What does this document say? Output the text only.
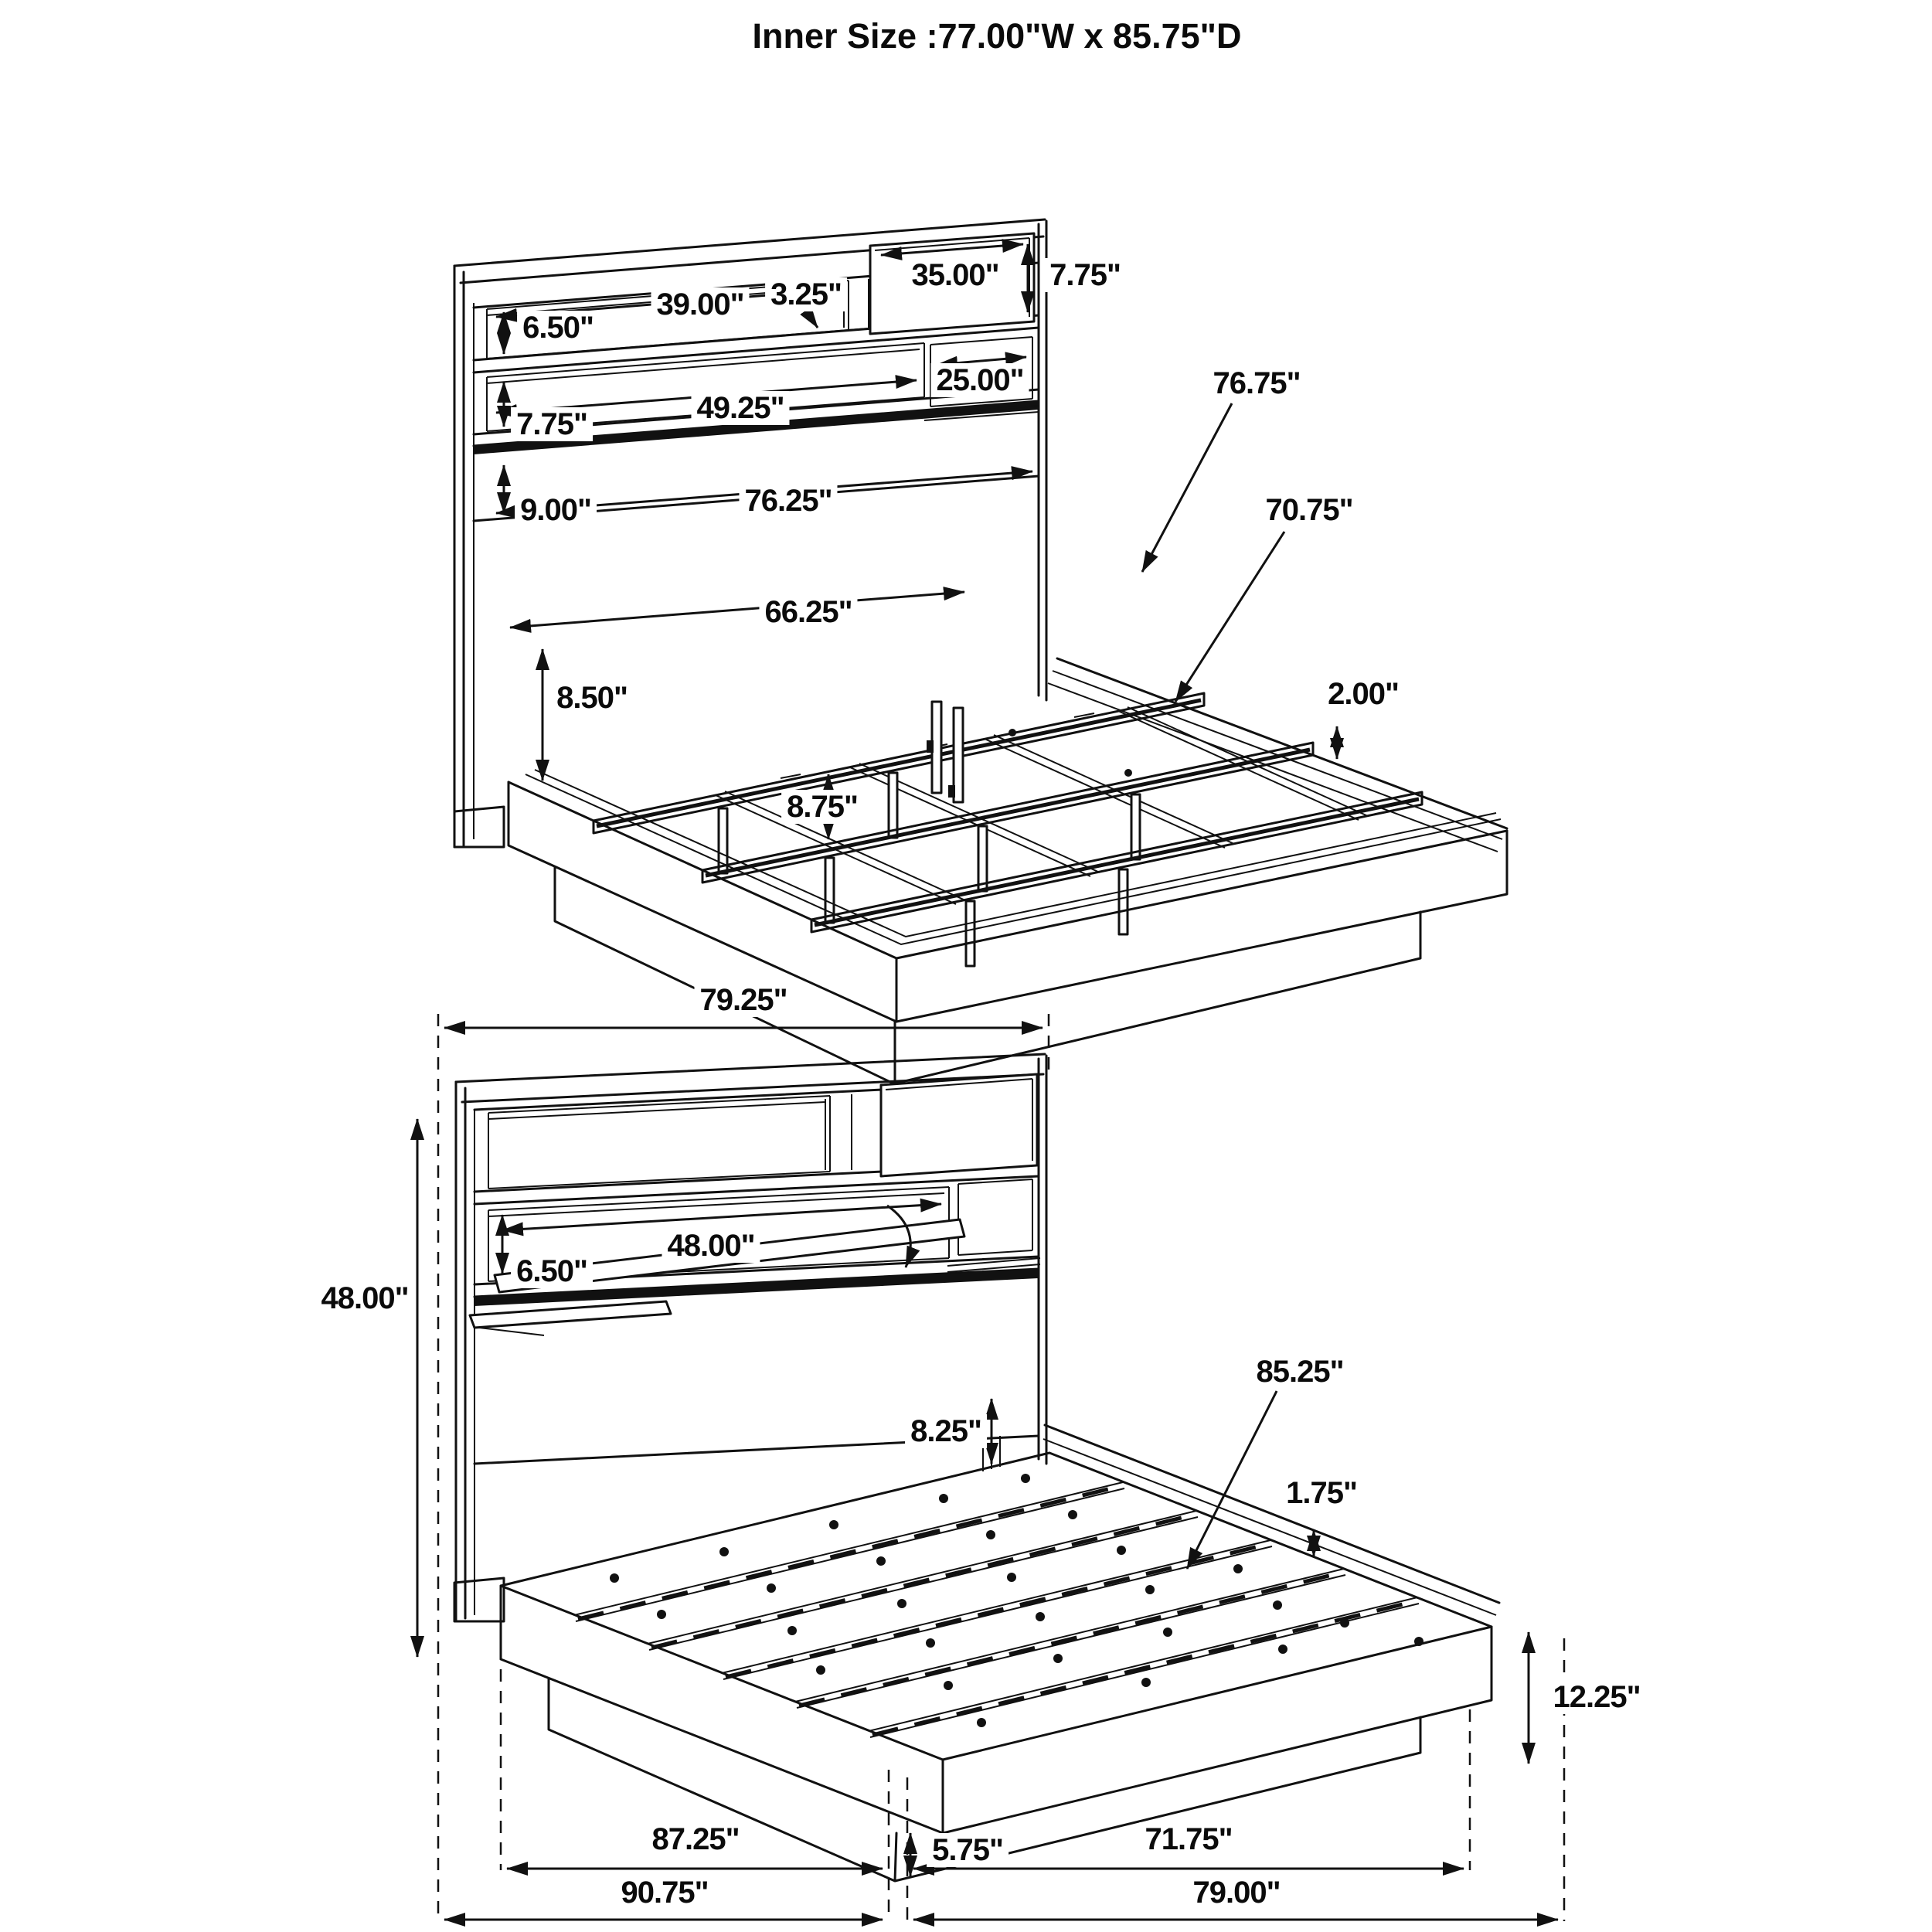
Inner Size :77.00"W x 85.75"D
6.50"
39.00" 3.25"
35.00" 7.75"
25.00"
7.75"	49.25"
9.00"	76.25"
66.25"
8.50"
8.75"
76.75"
70.75"
2.00"
79.25"
48.00"
48.00"
6.50"
8.25"
85.25"
1.75"
12.25"
5.75"
87.25"	71.75"
90.75"	79.00"
